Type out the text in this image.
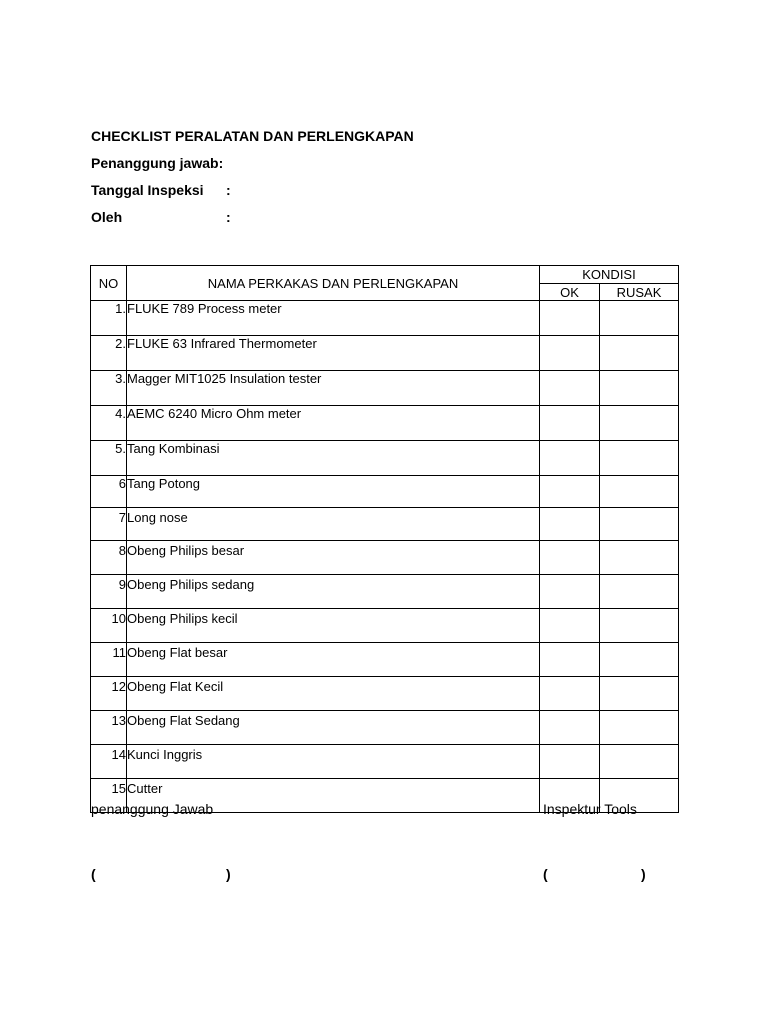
CHECKLIST PERALATAN DAN PERLENGKAPAN
Penanggung jawab:
Tanggal Inspeksi :
Oleh	:
NO	NAMA PERKAKAS DAN PERLENGKAPAN	KONDISI	
		OK	RUSAK
1.	FLUKE 789 Process meter		
2.	FLUKE 63 Infrared Thermometer		
3.	Magger MIT1025 Insulation tester		
4.	AEMC 6240 Micro Ohm meter		
5.	Tang Kombinasi		
6	Tang Potong		
7	Long nose		
8	Obeng Philips besar		
9	Obeng Philips sedang		
10	Obeng Philips kecil		
11	Obeng Flat besar		
12	Obeng Flat Kecil		
13	Obeng Flat Sedang		
14	Kunci Inggris		
15	Cutter		
penanggung Jawab	Inspektur Tools
(	)	(	)
